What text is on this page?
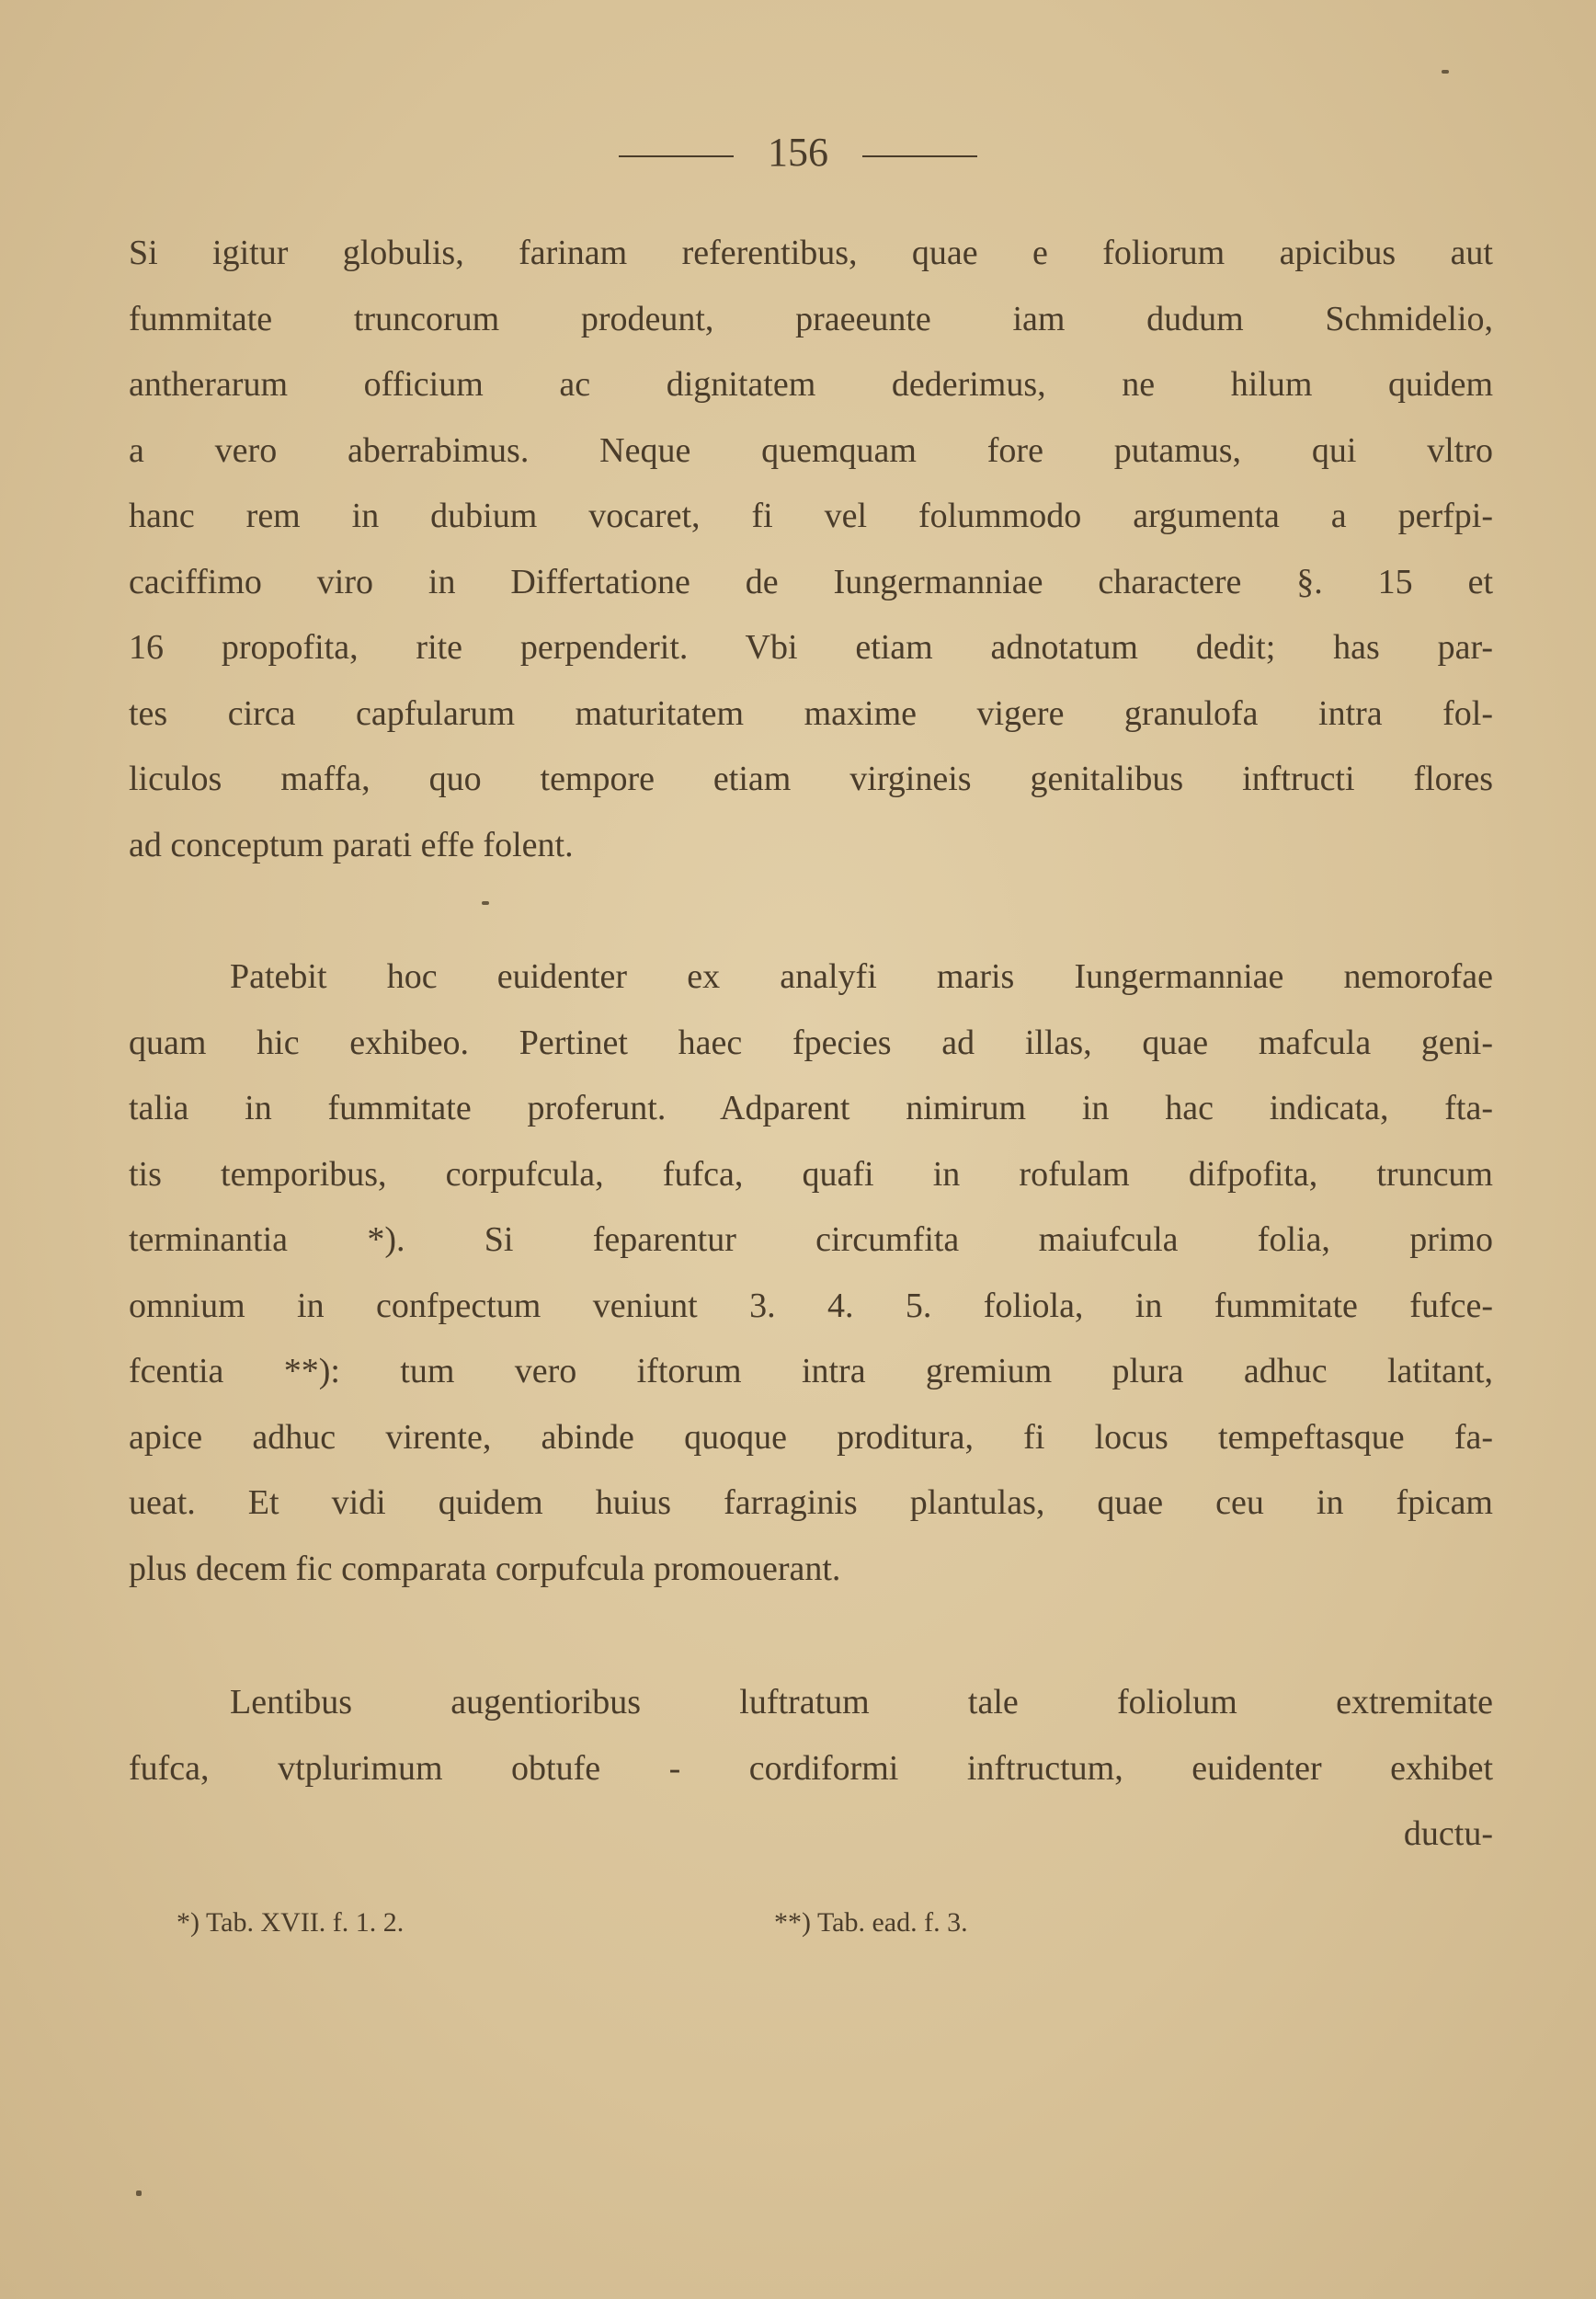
156
Si igitur globulis, farinam referentibus, quae e foliorum apicibus aut
fummitate truncorum prodeunt, praeeunte iam dudum Schmidelio,
antherarum officium ac dignitatem dederimus, ne hilum quidem
a vero aberrabimus. Neque quemquam fore putamus, qui vltro
hanc rem in dubium vocaret, fi vel folummodo argumenta a perfpi-
caciffimo viro in Differtatione de Iungermanniae charactere §. 15 et
16 propofita, rite perpenderit. Vbi etiam adnotatum dedit; has par-
tes circa capfularum maturitatem maxime vigere granulofa intra fol-
liculos maffa, quo tempore etiam virgineis genitalibus inftructi flores
ad conceptum parati effe folent.
Patebit hoc euidenter ex analyfi maris Iungermanniae nemorofae
quam hic exhibeo. Pertinet haec fpecies ad illas, quae mafcula geni-
talia in fummitate proferunt. Adparent nimirum in hac indicata, fta-
tis temporibus, corpufcula, fufca, quafi in rofulam difpofita, truncum
terminantia *). Si feparentur circumfita maiufcula folia, primo
omnium in confpectum veniunt 3. 4. 5. foliola, in fummitate fufce-
fcentia **): tum vero iftorum intra gremium plura adhuc latitant,
apice adhuc virente, abinde quoque proditura, fi locus tempeftasque fa-
ueat. Et vidi quidem huius farraginis plantulas, quae ceu in fpicam
plus decem fic comparata corpufcula promouerant.
Lentibus augentioribus luftratum tale foliolum extremitate
fufca, vtplurimum obtufe - cordiformi inftructum, euidenter exhibet
ductu-
*) Tab. XVII. f. 1. 2.	**) Tab. ead. f. 3.
